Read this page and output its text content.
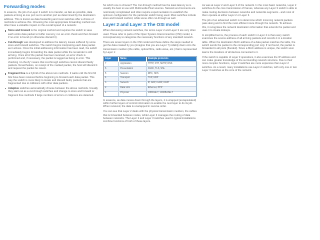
Forwarding modes

In essence, the job of a Layer 2 switch is to transfer, as fast as possible, data packets arriving at one port out to another port as determined by the destination address. This is known as data forwarding and most switches offer a choice of methods to achieve this. Choosing the most appropriate forwarding method can often have a valuable impact on the overall speed of a network:

Store and forward is the original method and requires the switch to save each entire data packet to buffer memory, run an error check and then forward if no error is found (or otherwise discard it).
Cut-through was developed to address the latency issues suffered by some store and forward switches. The switch begins interpreting each data packet as it arrives. Once the initial addressing information has been read, the switch immediately begins forwarding the data packet while the remainder is still arriving. Once all of the packet has been received, an error check is performed and, if necessary, the packet is tagged as being in error. This checking 'on-the-fly' means that cut-through switches cannot discard faulty packets. Nevertheless, on receipt of the marked packet, the host will discard it and request the packet be resent.
Fragment free is a hybrid of the above two methods. It waits until the first 64 bits have been received before beginning to forward each data packet. This way the switch is more likely to locate and discard faulty packets that are fragmented due to collisions with other data packets.
Adaptive switches automatically choose between the above methods. Usually they start out as a cut-through switches and change to store and forward or fragment free methods if large numbers of errors or collisions are detected.

So which one to choose? The Cut-through method has the least latency so is usually the best to use with Multimedia Pixel sources. Network environments are notoriously complicated and often require experimentation to establish the optimum configuration for the particular switch being used. Most switches include store and forward method, while some offer cut-through as well.

Layer 2 and Layer 3 The OSI model

When discussing network switches, the terms Layer 2 and Layer 3 are very often used. These refer to parts of the Open System Interconnection (OSI) model, a conceptual way to categorise the necessary functions of any standard network.

There are seven layers in the OSI model and these define the steps needed to get the data created by you (imagine that you are Layer 7) reliably down onto the transmission medium (the cable, optical fibre, radio wave, etc.) that is represented by Layer 1:

Layer	Name	Example protocols
7	Application	HTTP, FTP, SMTP, DNS
6	Presentation	ASCII, TLS, SSL
5	Session	RPC, NFS
4	Transport	TCP, UDP
3	Network	IP, ARP, IGMP, ICMP
2	Data Link	Ethernet, PPP
1	Physical	10BASE-T, 1000BASE-T

In essence, as data moves down through the layers, it is wrapped (encapsulated) within further layers of control information to enable the next layer to do its job. When received, the data is unwrapped in reverse order.

You can see that Layer 2 deals with the physical transmission medium, the cables that is forwarded between nodes, while Layer 3 manages the routing of data between networks. The Layer 2 and Layer 3 switches used in typical installations combine functions of both of these layers.

As was at Layer 2 and Layer 3 of the network. In the most basic networks, Layer 2 switches do the core transmission of frames, whereas any Layer 3 switch is able to make routing decisions between networks and networks segments - and most of them operate at either Layer 2 or Layer 3.

The job of an advanced switch is to determine which incoming network packets pass along and to find the most efficient route through the network. To achieve this, it recognises the network destination information that extends the packet and uses it to create lookups.

In simplified terms, the process of each switch in Layer 2 is that every switch examines the source address of all arriving packets and records it in a location table. When the destination MAC address of a data packet matches the table, the switch sends the packet to the corresponding port only. If not found, the packet is forwarded to all ports (flooded). Since a MAC address is unique, the switch soon learns the locations of all devices connected to it.

If the switch is capable of Layer 3 operations, it also examines the IP address and can make greater knowledge of the surrounding network structure. Due to their more complex functions, Layer 3 switches are more expensive than Layer 2 switches. As a result, many installations use Layer 2 switches, with only one or two Layer 3 switches at the core of the network.
